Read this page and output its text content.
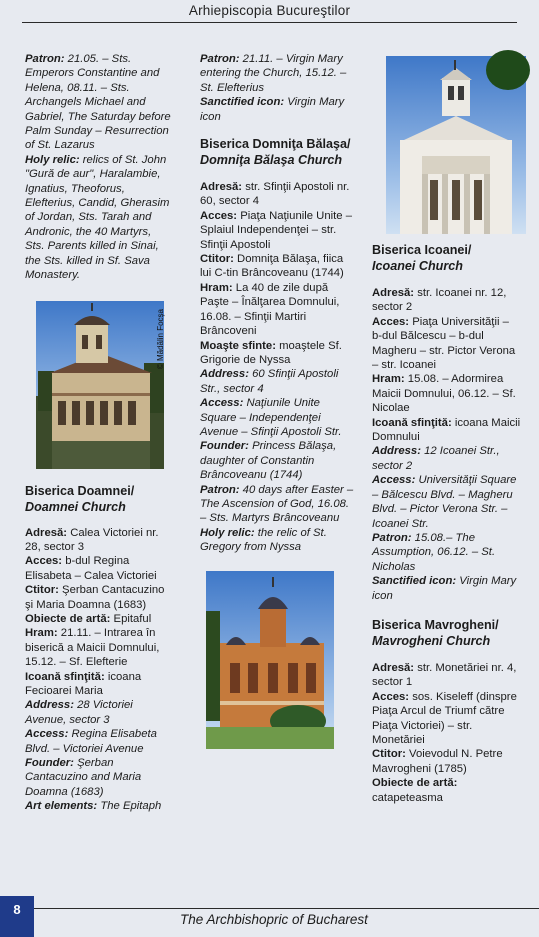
Arhiepiscopia Bucureştilor

Patron: 21.05. – Sts. Emperors Constantine and Helena, 08.11. – Sts. Archangels Michael and Gabriel, The Saturday before Palm Sunday – Resurrection of St. Lazarus

Holy relic: relics of St. John "Gură de aur", Haralambie, Ignatius, Theoforus, Elefterius, Candid, Gherasim of Jordan, Sts. Tarah and Andronic, the 40 Martyrs, Sts. Parents killed in Sinai, the Sts. killed in Sf. Sava Monastery.

© Mădălin Focşa

Biserica Doamnei/

Doamnei Church

Adresă: Calea Victoriei nr. 28, sector 3

Acces: b-dul Regina Elisabeta – Calea Victoriei

Ctitor: Şerban Cantacuzino şi Maria Doamna (1683)

Obiecte de artă: Epitaful

Hram: 21.11. – Intrarea în biserică a Maicii Domnului, 15.12. – Sf. Elefterie

Icoană sfinţită: icoana Fecioarei Maria

Address: 28 Victoriei Avenue, sector 3

Access: Regina Elisabeta Blvd. – Victoriei Avenue

Founder: Şerban Cantacuzino and Maria Doamna (1683)

Art elements: The Epitaph

Patron: 21.11. – Virgin Mary entering the Church, 15.12. – St. Elefterius

Sanctified icon: Virgin Mary icon

Biserica Domniţa Bălaşa/

Domniţa Bălaşa Church

Adresă: str. Sfinţii Apostoli nr. 60, sector 4

Acces: Piaţa Naţiunile Unite – Splaiul Independenţei – str. Sfinţii Apostoli

Ctitor: Domniţa Bălaşa, fiica lui C-tin Brâncoveanu (1744)

Hram: La 40 de zile după Paşte – Înălţarea Domnului, 16.08. – Sfinţii Martiri Brâncoveni

Moaşte sfinte: moaştele Sf. Grigorie de Nyssa

Address: 60 Sfinţii Apostoli Str., sector 4

Access: Naţiunile Unite Square – Independenţei Avenue – Sfinţii Apostoli Str.

Founder: Princess Bălaşa, daughter of Constantin Brâncoveanu (1744)

Patron: 40 days after Easter – The Ascension of God, 16.08. – Sts. Martyrs Brâncoveanu

Holy relic: the relic of St. Gregory from Nyssa

Biserica Icoanei/

Icoanei Church

Adresă: str. Icoanei nr. 12, sector 2

Acces: Piaţa Universităţii – b-dul Bălcescu – b-dul Magheru – str. Pictor Verona – str. Icoanei

Hram: 15.08. – Adormirea Maicii Domnului, 06.12. – Sf. Nicolae

Icoană sfinţită: icoana Maicii Domnului

Address: 12 Icoanei Str., sector 2

Access: Universităţii Square – Bălcescu Blvd. – Magheru Blvd. – Pictor Verona Str. – Icoanei Str.

Patron: 15.08.– The Assumption, 06.12. – St. Nicholas

Sanctified icon: Virgin Mary icon

Biserica Mavrogheni/

Mavrogheni Church

Adresă: str. Monetăriei nr. 4, sector 1

Acces: sos. Kiseleff (dinspre Piaţa Arcul de Triumf către Piaţa Victoriei) – str. Monetăriei

Ctitor: Voievodul N. Petre Mavrogheni (1785)

Obiecte de artă: catapeteasma

8
The Archbishopric of Bucharest
